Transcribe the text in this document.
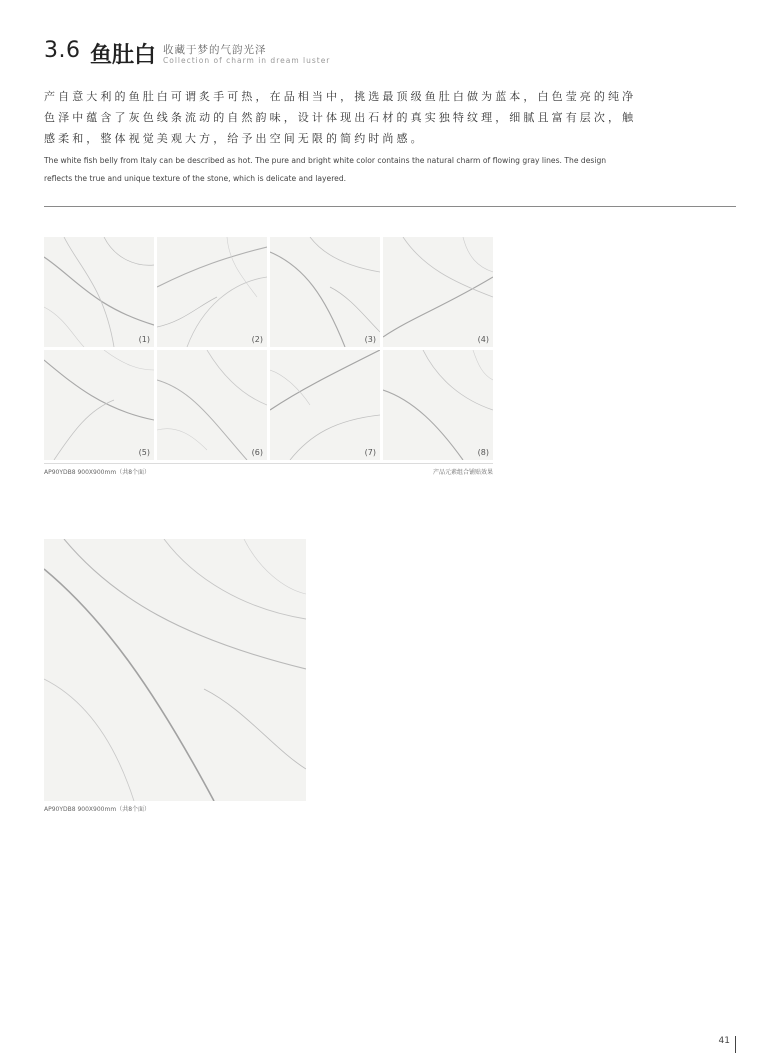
3.6 鱼肚白 收藏于梦的气韵光泽
Collection of charm in dream luster
产自意大利的鱼肚白可谓炙手可热，在品相当中，挑选最顶级鱼肚白做为蓝本，白色莹亮的纯净
色泽中蕴含了灰色线条流动的自然韵味，设计体现出石材的真实独特纹理，细腻且富有层次，触
感柔和，整体视觉美观大方，给予出空间无限的简约时尚感。
The white fish belly from Italy can be described as hot. The pure and bright white color contains the natural charm of flowing gray lines. The design
reflects the true and unique texture of the stone, which is delicate and layered.
(1)	(2)	(3)	(4)
(5)	(6)	(7)	(8)
AP90YDB8 900X900mm（共8个面）	产品元素组合铺贴效果
AP90YDB8 900X900mm（共8个面）
41
